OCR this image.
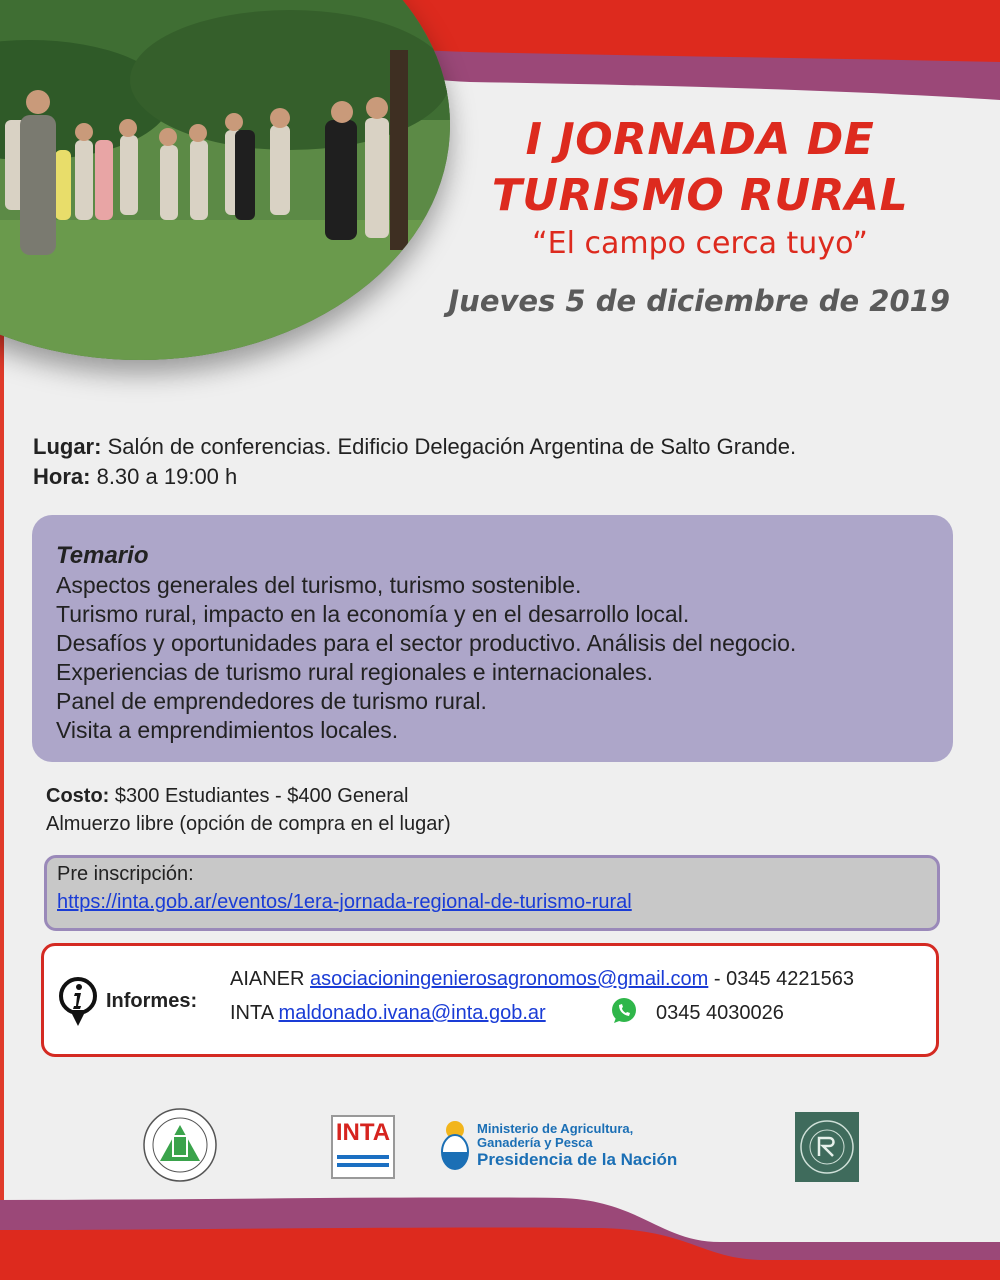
I JORNADA DE
TURISMO RURAL
“El campo cerca tuyo”
Jueves 5 de diciembre de 2019
Lugar: Salón de conferencias. Edificio Delegación Argentina de Salto Grande.
Hora: 8.30 a 19:00 h
Temario
Aspectos generales del turismo, turismo sostenible.
Turismo rural, impacto en la economía y en el desarrollo local.
Desafíos y oportunidades para el sector productivo. Análisis del negocio.
Experiencias de turismo rural regionales e internacionales.
Panel de emprendedores de turismo rural.
Visita a emprendimientos locales.
Costo: $300 Estudiantes - $400 General
Almuerzo libre (opción de compra en el lugar)
Pre inscripción:
https://inta.gob.ar/eventos/1era-jornada-regional-de-turismo-rural
Informes:
AIANER asociacioningenierosagronomos@gmail.com - 0345 4221563
INTA maldonado.ivana@inta.gob.ar	0345 4030026
INTA	Ministerio de Agricultura,
Ganadería y Pesca
Presidencia de la Nación
